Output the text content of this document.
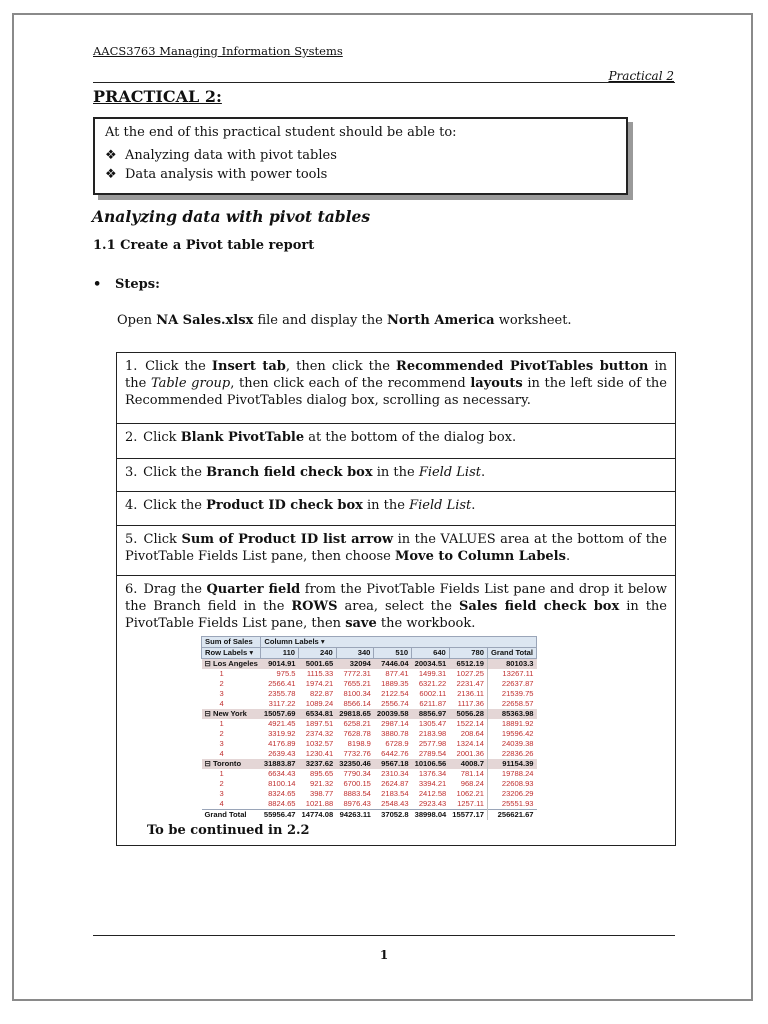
AACS3763 Managing Information Systems
Practical 2
PRACTICAL 2:
At the end of this practical student should be able to:
❖ Analyzing data with pivot tables
❖ Data analysis with power tools
Analyzing data with pivot tables
1.1 Create a Pivot table report
• Steps:
Open NA Sales.xlsx file and display the North America worksheet.
1. Click the Insert tab, then click the Recommended PivotTables button in the Table group, then click each of the recommend layouts in the left side of the Recommended PivotTables dialog box, scrolling as necessary.
2. Click Blank PivotTable at the bottom of the dialog box.
3. Click the Branch field check box in the Field List.
4. Click the Product ID check box in the Field List.
5. Click Sum of Product ID list arrow in the VALUES area at the bottom of the PivotTable Fields List pane, then choose Move to Column Labels.
6. Drag the Quarter field from the PivotTable Fields List pane and drop it below the Branch field in the ROWS area, select the Sales field check box in the PivotTable Fields List pane, then save the workbook.
Sum of Sales	Column Labels ▾						
Row Labels ▾	110	240	340	510	640	780	Grand Total
⊟ Los Angeles	9014.91	5001.65	32094	7446.04	20034.51	6512.19	80103.3
1	975.5	1115.33	7772.31	877.41	1499.31	1027.25	13267.11
2	2566.41	1974.21	7655.21	1889.35	6321.22	2231.47	22637.87
3	2355.78	822.87	8100.34	2122.54	6002.11	2136.11	21539.75
4	3117.22	1089.24	8566.14	2556.74	6211.87	1117.36	22658.57
⊟ New York	15057.69	6534.81	29818.65	20039.58	8856.97	5056.28	85363.98
1	4921.45	1897.51	6258.21	2987.14	1305.47	1522.14	18891.92
2	3319.92	2374.32	7628.78	3880.78	2183.98	208.64	19596.42
3	4176.89	1032.57	8198.9	6728.9	2577.98	1324.14	24039.38
4	2639.43	1230.41	7732.76	6442.76	2789.54	2001.36	22836.26
⊟ Toronto	31883.87	3237.62	32350.46	9567.18	10106.56	4008.7	91154.39
1	6634.43	895.65	7790.34	2310.34	1376.34	781.14	19788.24
2	8100.14	921.32	6700.15	2624.87	3394.21	968.24	22608.93
3	8324.65	398.77	8883.54	2183.54	2412.58	1062.21	23206.29
4	8824.65	1021.88	8976.43	2548.43	2923.43	1257.11	25551.93
Grand Total	55956.47	14774.08	94263.11	37052.8	38998.04	15577.17	256621.67
To be continued in 2.2
1
